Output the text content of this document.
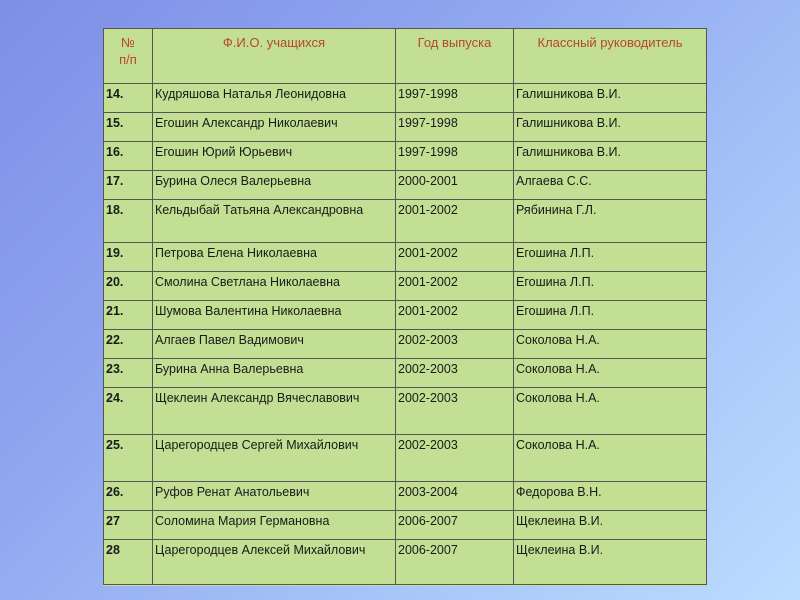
№
п/п	Ф.И.О. учащихся	Год выпуска	Классный руководитель
14.	Кудряшова Наталья Леонидовна	1997-1998	Галишникова В.И.
15.	Егошин Александр Николаевич	1997-1998	Галишникова В.И.
16.	Егошин Юрий Юрьевич	1997-1998	Галишникова В.И.
17.	Бурина Олеся Валерьевна	2000-2001	Алгаева С.С.
18.	Кельдыбай Татьяна Александровна	2001-2002	Рябинина Г.Л.
19.	Петрова Елена Николаевна	2001-2002	Егошина Л.П.
20.	Смолина Светлана Николаевна	2001-2002	Егошина Л.П.
21.	Шумова Валентина Николаевна	2001-2002	Егошина Л.П.
22.	Алгаев Павел Вадимович	2002-2003	Соколова Н.А.
23.	Бурина Анна Валерьевна	2002-2003	Соколова Н.А.
24.	Щеклеин Александр Вячеславович	2002-2003	Соколова Н.А.
25.	Царегородцев Сергей Михайлович	2002-2003	Соколова Н.А.
26.	Руфов Ренат Анатольевич	2003-2004	Федорова В.Н.
27	Соломина Мария Германовна	2006-2007	Щеклеина В.И.
28	Царегородцев Алексей Михайлович	2006-2007	Щеклеина В.И.
